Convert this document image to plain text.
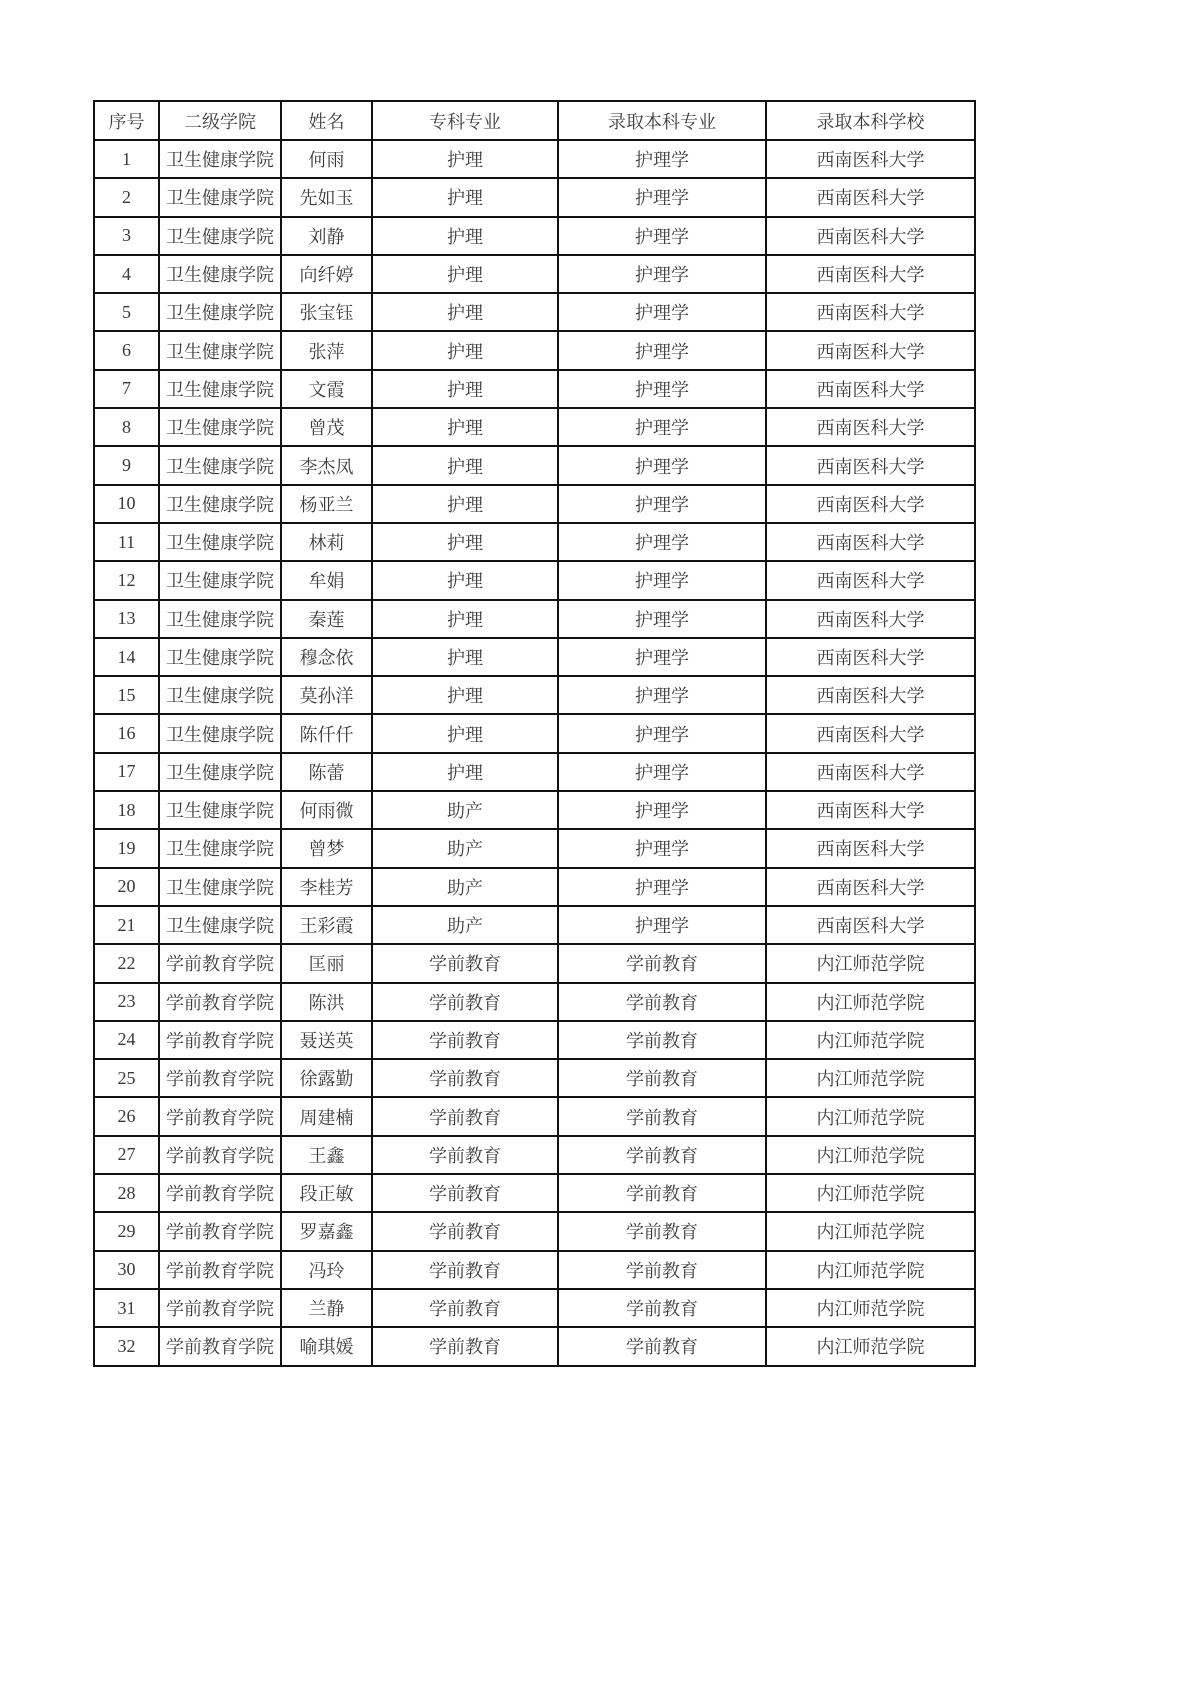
序号	二级学院	姓名	专科专业	录取本科专业	录取本科学校
1	卫生健康学院	何雨	护理	护理学	西南医科大学
2	卫生健康学院	先如玉	护理	护理学	西南医科大学
3	卫生健康学院	刘静	护理	护理学	西南医科大学
4	卫生健康学院	向纤婷	护理	护理学	西南医科大学
5	卫生健康学院	张宝钰	护理	护理学	西南医科大学
6	卫生健康学院	张萍	护理	护理学	西南医科大学
7	卫生健康学院	文霞	护理	护理学	西南医科大学
8	卫生健康学院	曾茂	护理	护理学	西南医科大学
9	卫生健康学院	李杰凤	护理	护理学	西南医科大学
10	卫生健康学院	杨亚兰	护理	护理学	西南医科大学
11	卫生健康学院	林莉	护理	护理学	西南医科大学
12	卫生健康学院	牟娟	护理	护理学	西南医科大学
13	卫生健康学院	秦莲	护理	护理学	西南医科大学
14	卫生健康学院	穆念依	护理	护理学	西南医科大学
15	卫生健康学院	莫孙洋	护理	护理学	西南医科大学
16	卫生健康学院	陈仟仟	护理	护理学	西南医科大学
17	卫生健康学院	陈蕾	护理	护理学	西南医科大学
18	卫生健康学院	何雨微	助产	护理学	西南医科大学
19	卫生健康学院	曾梦	助产	护理学	西南医科大学
20	卫生健康学院	李桂芳	助产	护理学	西南医科大学
21	卫生健康学院	王彩霞	助产	护理学	西南医科大学
22	学前教育学院	匡丽	学前教育	学前教育	内江师范学院
23	学前教育学院	陈洪	学前教育	学前教育	内江师范学院
24	学前教育学院	聂送英	学前教育	学前教育	内江师范学院
25	学前教育学院	徐露勤	学前教育	学前教育	内江师范学院
26	学前教育学院	周建楠	学前教育	学前教育	内江师范学院
27	学前教育学院	王鑫	学前教育	学前教育	内江师范学院
28	学前教育学院	段正敏	学前教育	学前教育	内江师范学院
29	学前教育学院	罗嘉鑫	学前教育	学前教育	内江师范学院
30	学前教育学院	冯玲	学前教育	学前教育	内江师范学院
31	学前教育学院	兰静	学前教育	学前教育	内江师范学院
32	学前教育学院	喻琪媛	学前教育	学前教育	内江师范学院
